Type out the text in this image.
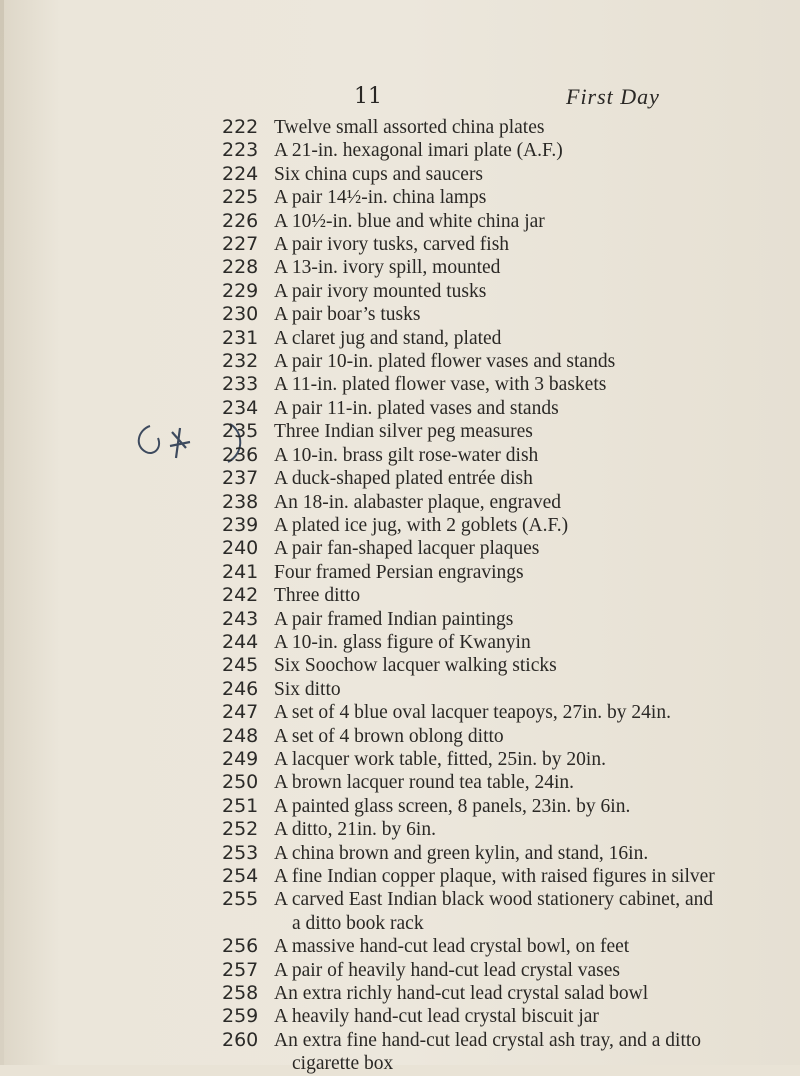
11	First Day
222 Twelve small assorted china plates
223 A 21-in. hexagonal imari plate (A.F.)
224 Six china cups and saucers
225 A pair 14½-in. china lamps
226 A 10½-in. blue and white china jar
227 A pair ivory tusks, carved fish
228 A 13-in. ivory spill, mounted
229 A pair ivory mounted tusks
230 A pair boar’s tusks
231 A claret jug and stand, plated
232 A pair 10-in. plated flower vases and stands
233 A 11-in. plated flower vase, with 3 baskets
234 A pair 11-in. plated vases and stands
235 Three Indian silver peg measures
236 A 10-in. brass gilt rose-water dish
237 A duck-shaped plated entrée dish
238 An 18-in. alabaster plaque, engraved
239 A plated ice jug, with 2 goblets (A.F.)
240 A pair fan-shaped lacquer plaques
241 Four framed Persian engravings
242 Three ditto
243 A pair framed Indian paintings
244 A 10-in. glass figure of Kwanyin
245 Six Soochow lacquer walking sticks
246 Six ditto
247 A set of 4 blue oval lacquer teapoys, 27in. by 24in.
248 A set of 4 brown oblong ditto
249 A lacquer work table, fitted, 25in. by 20in.
250 A brown lacquer round tea table, 24in.
251 A painted glass screen, 8 panels, 23in. by 6in.
252 A ditto, 21in. by 6in.
253 A china brown and green kylin, and stand, 16in.
254 A fine Indian copper plaque, with raised figures in silver
255 A carved East Indian black wood stationery cabinet, and
a ditto book rack
256 A massive hand-cut lead crystal bowl, on feet
257 A pair of heavily hand-cut lead crystal vases
258 An extra richly hand-cut lead crystal salad bowl
259 A heavily hand-cut lead crystal biscuit jar
260 An extra fine hand-cut lead crystal ash tray, and a ditto
cigarette box
